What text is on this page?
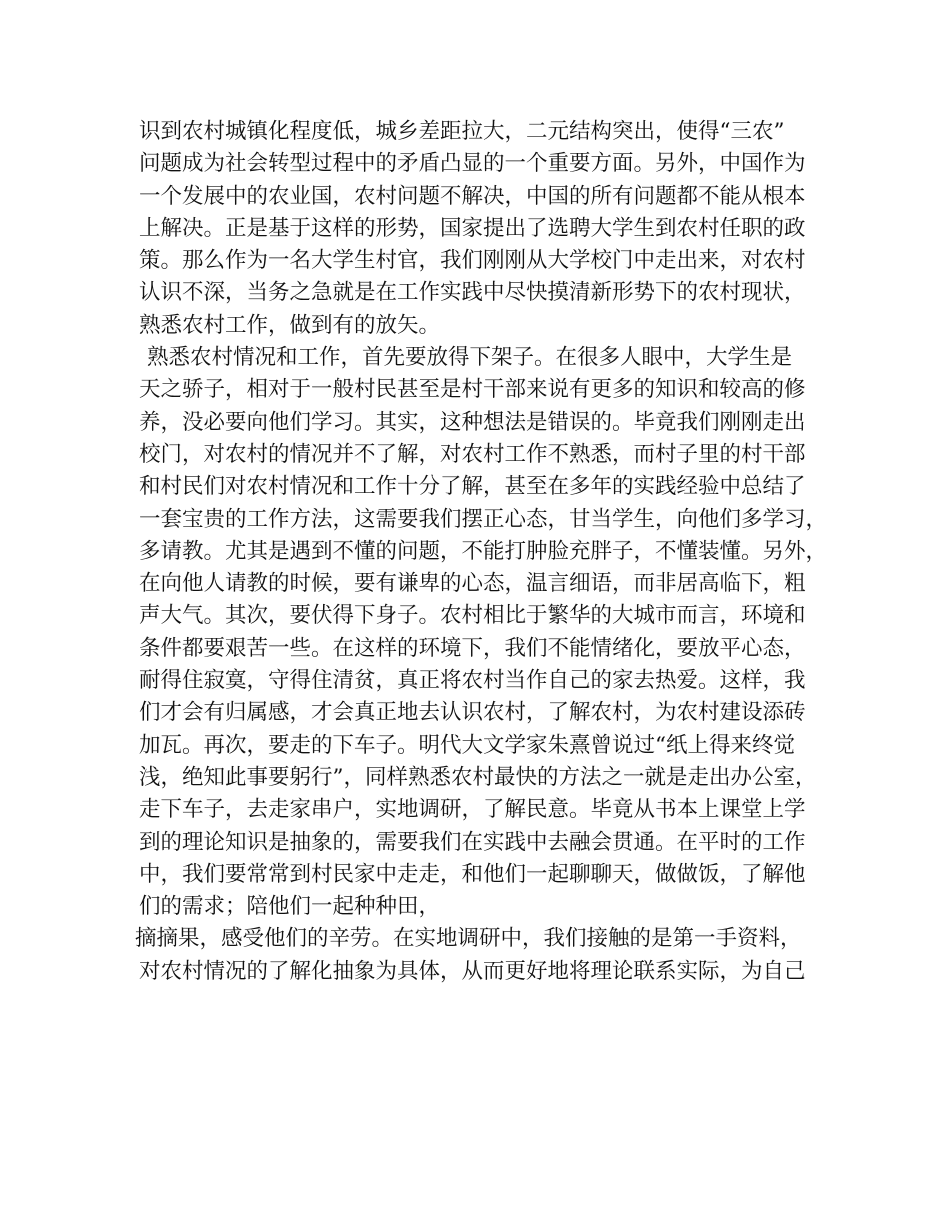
识到农村城镇化程度低，城乡差距拉大，二元结构突出，使得“三农”
问题成为社会转型过程中的矛盾凸显的一个重要方面。另外，中国作为
一个发展中的农业国，农村问题不解决，中国的所有问题都不能从根本
上解决。正是基于这样的形势，国家提出了选聘大学生到农村任职的政
策。那么作为一名大学生村官，我们刚刚从大学校门中走出来，对农村
认识不深，当务之急就是在工作实践中尽快摸清新形势下的农村现状，
熟悉农村工作，做到有的放矢。
熟悉农村情况和工作，首先要放得下架子。在很多人眼中，大学生是
天之骄子，相对于一般村民甚至是村干部来说有更多的知识和较高的修
养，没必要向他们学习。其实，这种想法是错误的。毕竟我们刚刚走出
校门，对农村的情况并不了解，对农村工作不熟悉，而村子里的村干部
和村民们对农村情况和工作十分了解，甚至在多年的实践经验中总结了
一套宝贵的工作方法，这需要我们摆正心态，甘当学生，向他们多学习，
多请教。尤其是遇到不懂的问题，不能打肿脸充胖子，不懂装懂。另外，
在向他人请教的时候，要有谦卑的心态，温言细语，而非居高临下，粗
声大气。其次，要伏得下身子。农村相比于繁华的大城市而言，环境和
条件都要艰苦一些。在这样的环境下，我们不能情绪化，要放平心态，
耐得住寂寞，守得住清贫，真正将农村当作自己的家去热爱。这样，我
们才会有归属感，才会真正地去认识农村，了解农村，为农村建设添砖
加瓦。再次，要走的下车子。明代大文学家朱熹曾说过“纸上得来终觉
浅，绝知此事要躬行”，同样熟悉农村最快的方法之一就是走出办公室，
走下车子，去走家串户，实地调研，了解民意。毕竟从书本上课堂上学
到的理论知识是抽象的，需要我们在实践中去融会贯通。在平时的工作
中，我们要常常到村民家中走走，和他们一起聊聊天，做做饭，了解他
们的需求；陪他们一起种种田，
摘摘果，感受他们的辛劳。在实地调研中，我们接触的是第一手资料，
对农村情况的了解化抽象为具体，从而更好地将理论联系实际，为自己
